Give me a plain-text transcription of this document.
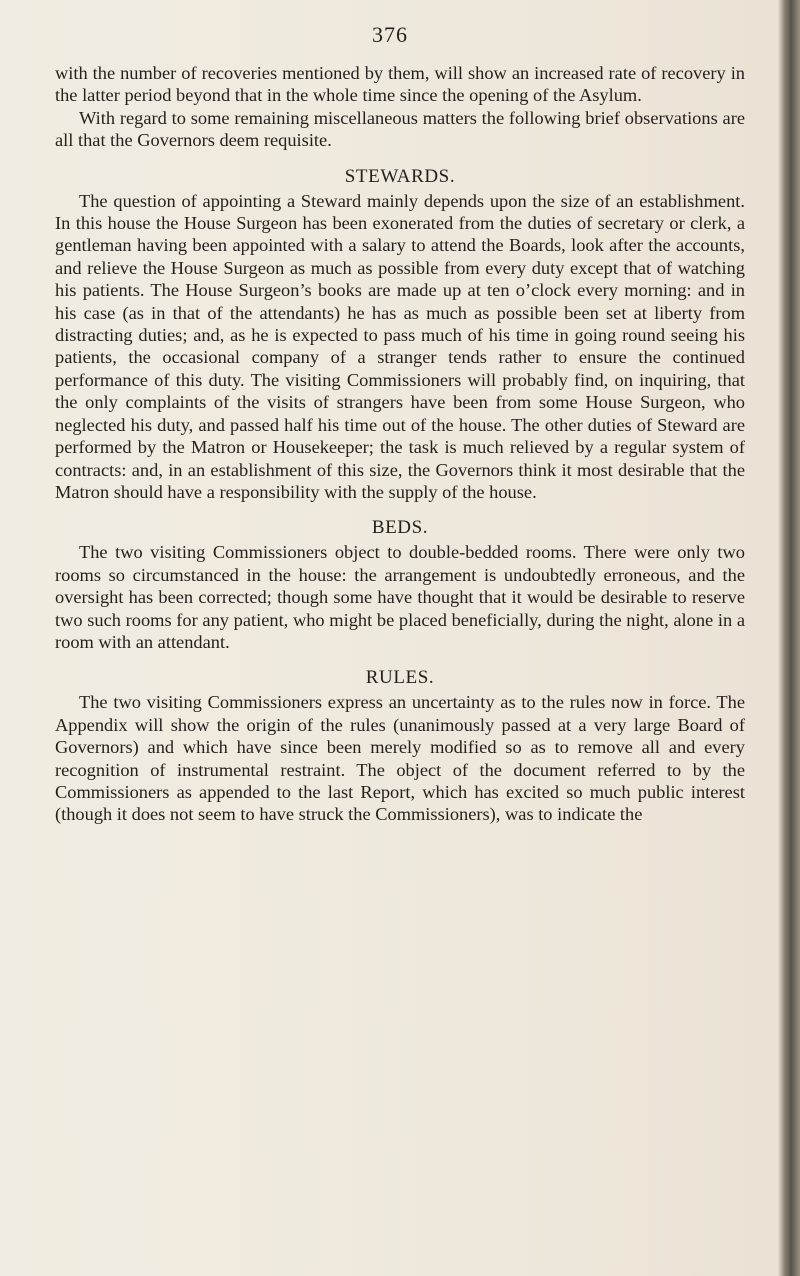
376

with the number of recoveries mentioned by them, will show an increased rate of recovery in the latter period beyond that in the whole time since the opening of the Asylum.

With regard to some remaining miscellaneous matters the following brief observations are all that the Governors deem requisite.

STEWARDS.

The question of appointing a Steward mainly depends upon the size of an establishment. In this house the House Surgeon has been exonerated from the duties of secretary or clerk, a gentleman having been appointed with a salary to attend the Boards, look after the accounts, and relieve the House Surgeon as much as possible from every duty except that of watching his patients. The House Surgeon’s books are made up at ten o’clock every morning: and in his case (as in that of the attendants) he has as much as possible been set at liberty from distracting duties; and, as he is expected to pass much of his time in going round seeing his patients, the occasional company of a stranger tends rather to ensure the continued performance of this duty. The visiting Commissioners will probably find, on inquiring, that the only complaints of the visits of strangers have been from some House Surgeon, who neglected his duty, and passed half his time out of the house. The other duties of Steward are performed by the Matron or Housekeeper; the task is much relieved by a regular system of contracts: and, in an establishment of this size, the Governors think it most desirable that the Matron should have a responsibility with the supply of the house.

BEDS.

The two visiting Commissioners object to double-bedded rooms. There were only two rooms so circumstanced in the house: the arrangement is undoubtedly erroneous, and the oversight has been corrected; though some have thought that it would be desirable to reserve two such rooms for any patient, who might be placed beneficially, during the night, alone in a room with an attendant.

RULES.

The two visiting Commissioners express an uncertainty as to the rules now in force. The Appendix will show the origin of the rules (unanimously passed at a very large Board of Governors) and which have since been merely modified so as to remove all and every recognition of instrumental restraint. The object of the document referred to by the Commissioners as appended to the last Report, which has excited so much public interest (though it does not seem to have struck the Commissioners), was to indicate the
